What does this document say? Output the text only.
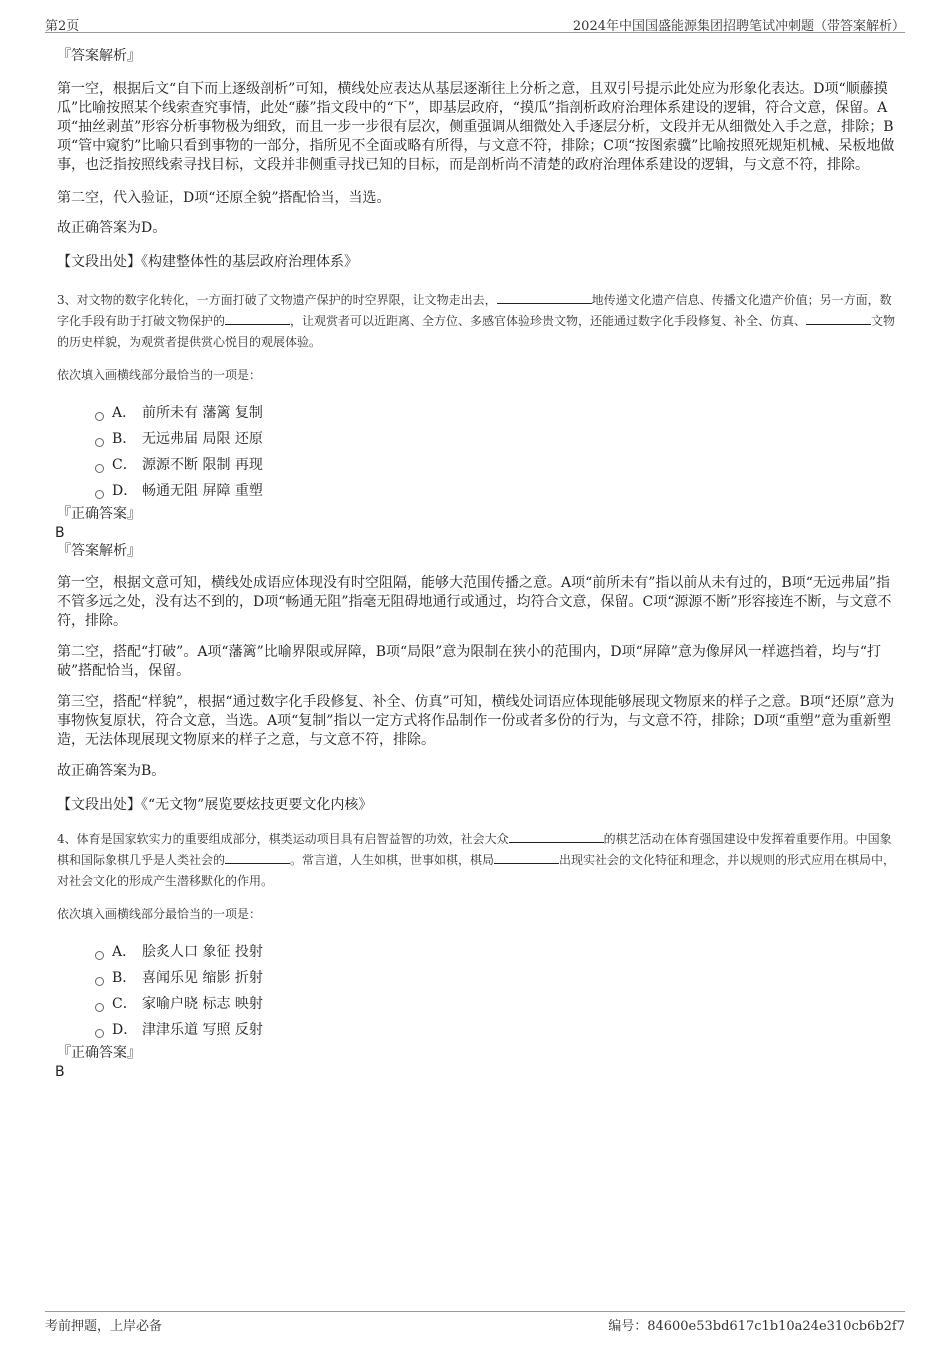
第2页	2024年中国国盛能源集团招聘笔试冲刺题（带答案解析）

『答案解析』

第一空，根据后文“自下而上逐级剖析”可知，横线处应表达从基层逐渐往上分析之意，且双引号提示此处应为形象化表达。D项“顺藤摸瓜”比喻按照某个线索查究事情，此处“藤”指文段中的“下”，即基层政府，“摸瓜”指剖析政府治理体系建设的逻辑，符合文意，保留。A项“抽丝剥茧”形容分析事物极为细致，而且一步一步很有层次，侧重强调从细微处入手逐层分析，文段并无从细微处入手之意，排除；B项“管中窥豹”比喻只看到事物的一部分，指所见不全面或略有所得，与文意不符，排除；C项“按图索骥”比喻按照死规矩机械、呆板地做事，也泛指按照线索寻找目标，文段并非侧重寻找已知的目标，而是剖析尚不清楚的政府治理体系建设的逻辑，与文意不符，排除。

第二空，代入验证，D项“还原全貌”搭配恰当，当选。

故正确答案为D。

【文段出处】《构建整体性的基层政府治理体系》

3、对文物的数字化转化，一方面打破了文物遗产保护的时空界限，让文物走出去，	地传递文化遗产信息、传播文化遗产价值；另一方面，数字化手段有助于打破文物保护的	，让观赏者可以近距离、全方位、多感官体验珍贵文物，还能通过数字化手段修复、补全、仿真、	文物的历史样貌，为观赏者提供赏心悦目的观展体验。

依次填入画横线部分最恰当的一项是：

A． 前所未有 藩篱 复制
B． 无远弗届 局限 还原
C． 源源不断 限制 再现
D． 畅通无阻 屏障 重塑

『正确答案』

B

『答案解析』

第一空，根据文意可知，横线处成语应体现没有时空阻隔，能够大范围传播之意。A项“前所未有”指以前从未有过的，B项“无远弗届”指不管多远之处，没有达不到的，D项“畅通无阻”指毫无阻碍地通行或通过，均符合文意，保留。C项“源源不断”形容接连不断，与文意不符，排除。

第二空，搭配“打破”。A项“藩篱”比喻界限或屏障，B项“局限”意为限制在狭小的范围内，D项“屏障”意为像屏风一样遮挡着，均与“打破”搭配恰当，保留。

第三空，搭配“样貌”，根据“通过数字化手段修复、补全、仿真”可知，横线处词语应体现能够展现文物原来的样子之意。B项“还原”意为事物恢复原状，符合文意，当选。A项“复制”指以一定方式将作品制作一份或者多份的行为，与文意不符，排除；D项“重塑”意为重新塑造，无法体现展现文物原来的样子之意，与文意不符，排除。

故正确答案为B。

【文段出处】《“无文物”展览要炫技更要文化内核》

4、体育是国家软实力的重要组成部分，棋类运动项目具有启智益智的功效，社会大众	的棋艺活动在体育强国建设中发挥着重要作用。中国象棋和国际象棋几乎是人类社会的	。常言道，人生如棋，世事如棋，棋局	出现实社会的文化特征和理念，并以规则的形式应用在棋局中，对社会文化的形成产生潜移默化的作用。

依次填入画横线部分最恰当的一项是：

A． 脍炙人口 象征 投射
B． 喜闻乐见 缩影 折射
C． 家喻户晓 标志 映射
D． 津津乐道 写照 反射

『正确答案』

B

考前押题，上岸必备	编号：84600e53bd617c1b10a24e310cb6b2f7
